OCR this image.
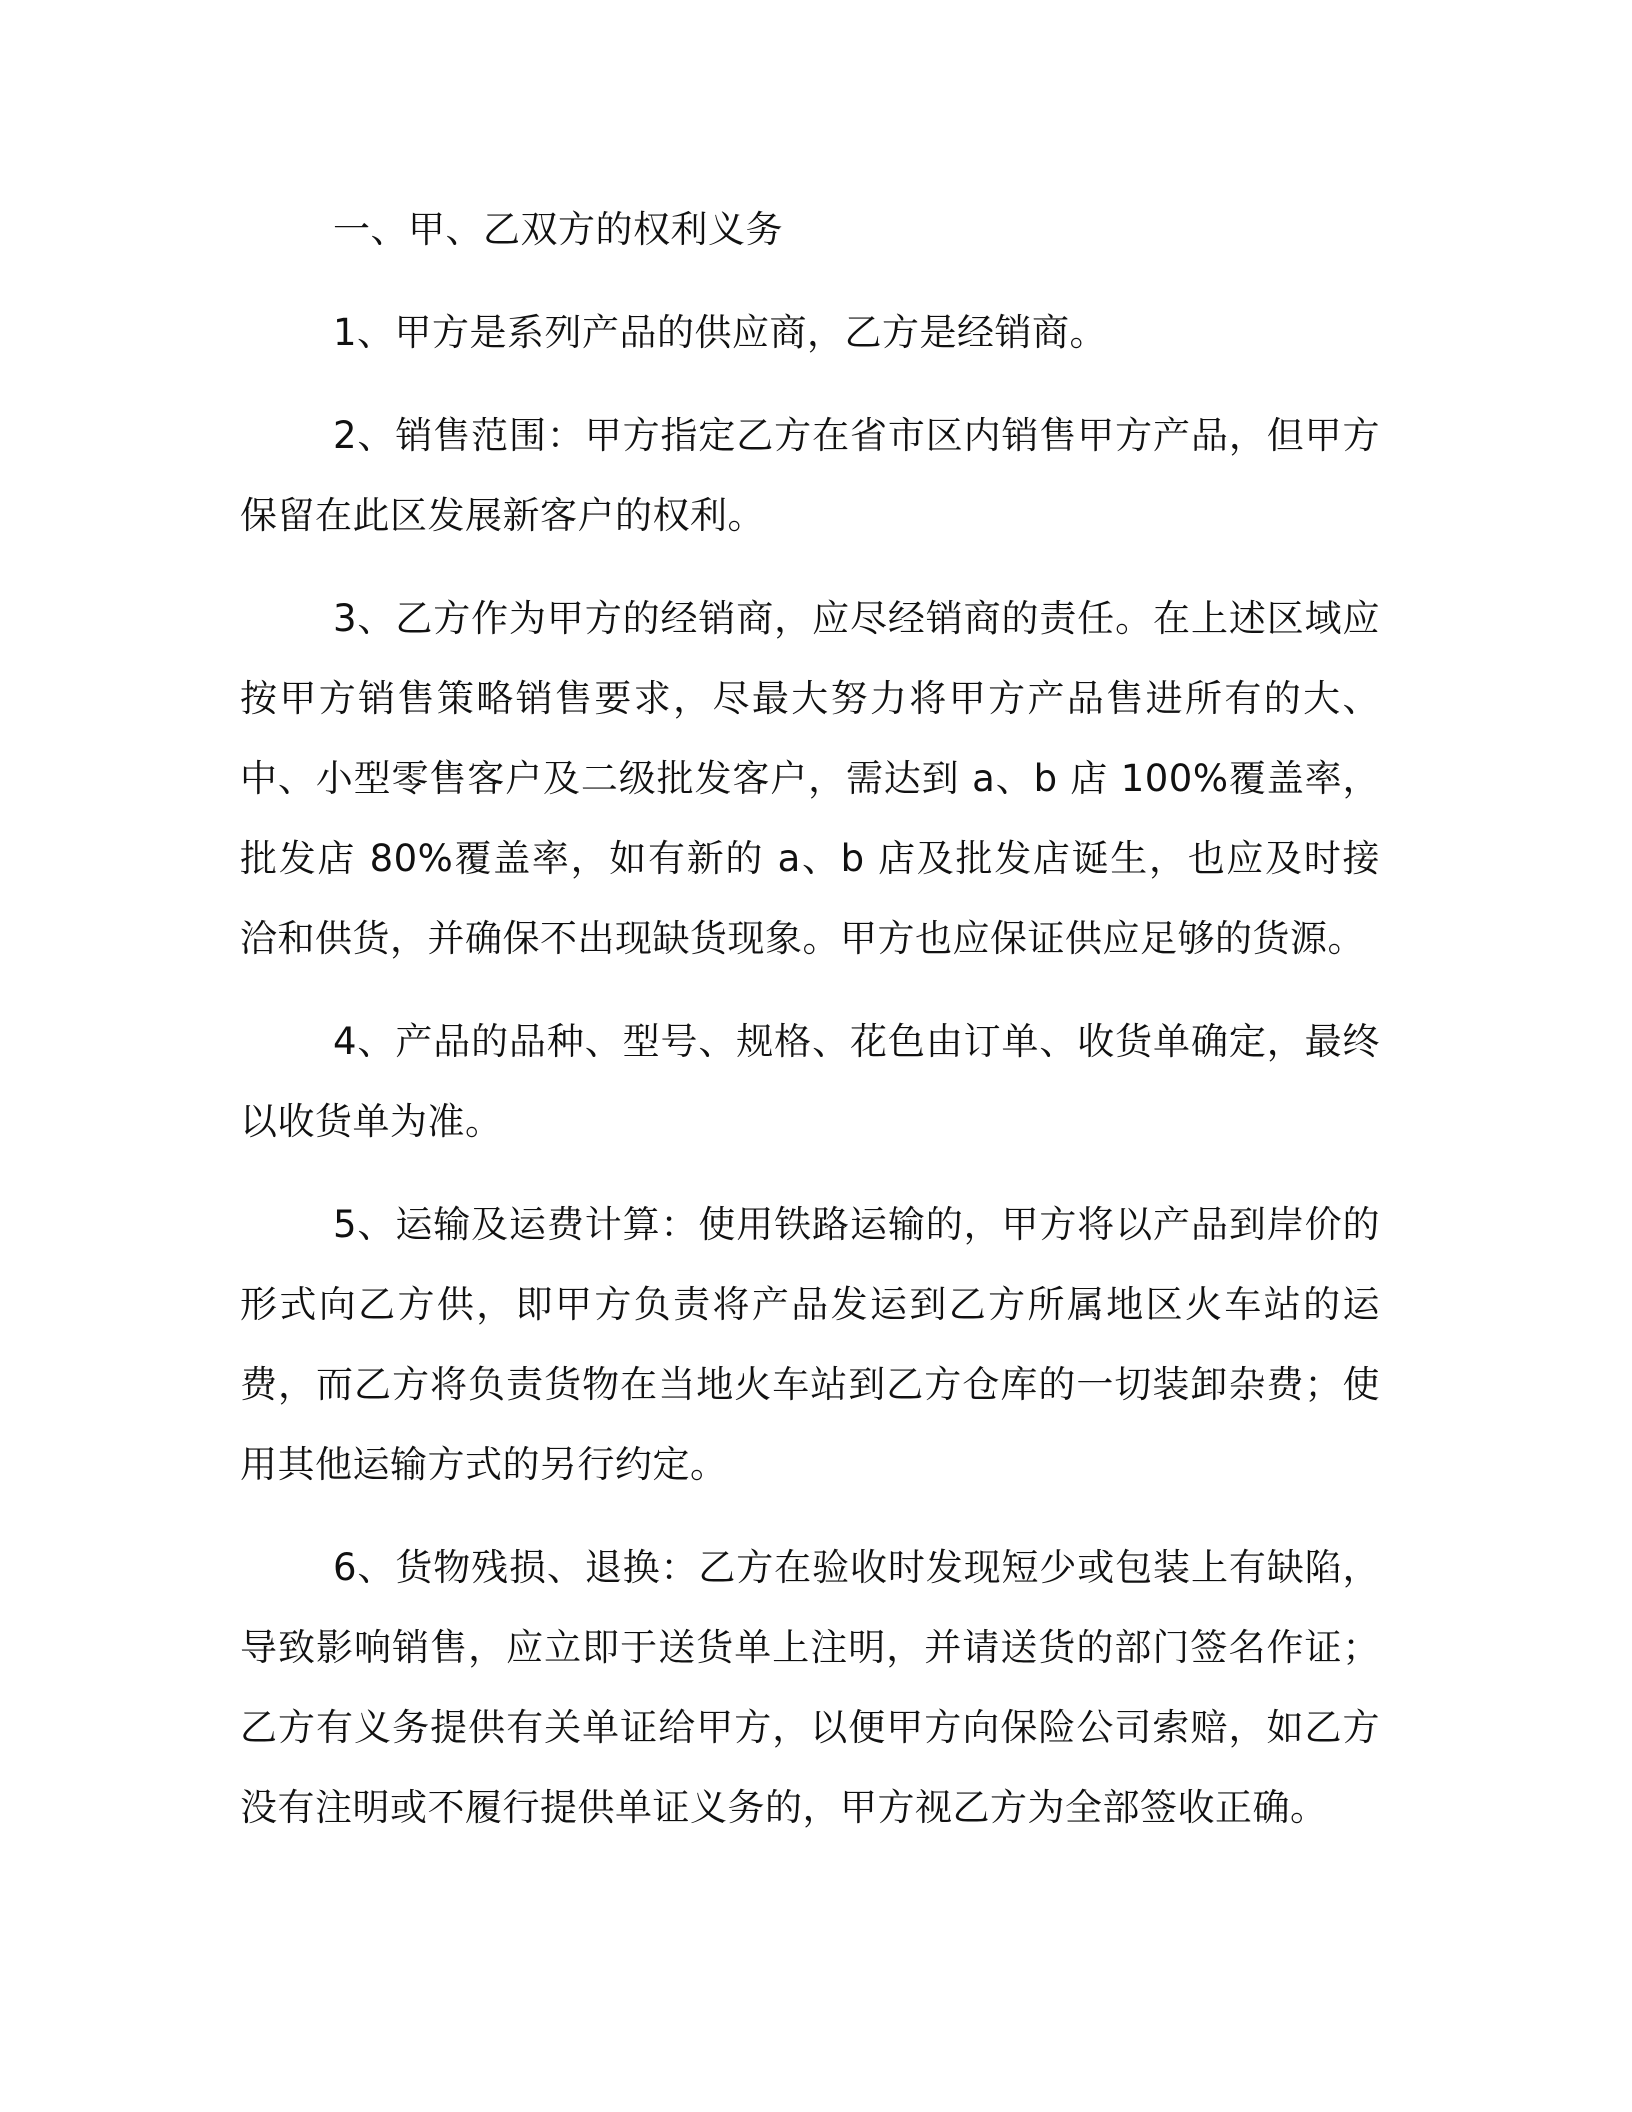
一、甲、乙双方的权利义务

1、甲方是系列产品的供应商，乙方是经销商。

2、销售范围：甲方指定乙方在省市区内销售甲方产品，但甲方保留在此区发展新客户的权利。

3、乙方作为甲方的经销商，应尽经销商的责任。在上述区域应按甲方销售策略销售要求，尽最大努力将甲方产品售进所有的大、中、小型零售客户及二级批发客户，需达到 a、b 店 100%覆盖率，批发店 80%覆盖率，如有新的 a、b 店及批发店诞生，也应及时接洽和供货，并确保不出现缺货现象。甲方也应保证供应足够的货源。

4、产品的品种、型号、规格、花色由订单、收货单确定，最终以收货单为准。

5、运输及运费计算：使用铁路运输的，甲方将以产品到岸价的形式向乙方供，即甲方负责将产品发运到乙方所属地区火车站的运费，而乙方将负责货物在当地火车站到乙方仓库的一切装卸杂费；使用其他运输方式的另行约定。

6、货物残损、退换：乙方在验收时发现短少或包装上有缺陷，导致影响销售，应立即于送货单上注明，并请送货的部门签名作证；乙方有义务提供有关单证给甲方，以便甲方向保险公司索赔，如乙方没有注明或不履行提供单证义务的，甲方视乙方为全部签收正确。
